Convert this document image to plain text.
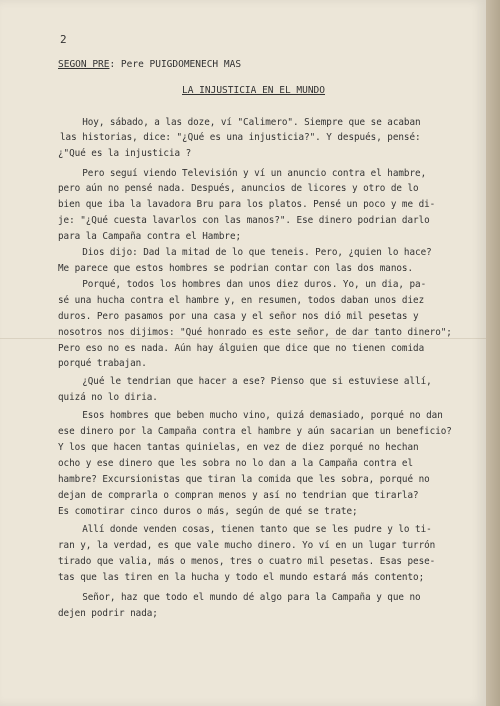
2
SEGON PRE: Pere PUIGDOMENECH MAS
LA INJUSTICIA EN EL MUNDO
Hoy, sábado, a las doze, ví "Calimero". Siempre que se acaban
las historias, dice: "¿Qué es una injusticia?". Y después, pensé:
¿"Qué es la injusticia ?
Pero seguí viendo Televisión y ví un anuncio contra el hambre,
pero aún no pensé nada. Después, anuncios de licores y otro de lo
bien que iba la lavadora Bru para los platos. Pensé un poco y me di-
je: "¿Qué cuesta lavarlos con las manos?". Ese dinero podrian darlo
para la Campaña contra el Hambre;
Dios dijo: Dad la mitad de lo que teneis. Pero, ¿quien lo hace?
Me parece que estos hombres se podrian contar con las dos manos.
Porqué, todos los hombres dan unos diez duros. Yo, un dia, pa-
sé una hucha contra el hambre y, en resumen, todos daban unos diez
duros. Pero pasamos por una casa y el señor nos dió mil pesetas y
nosotros nos dijimos: "Qué honrado es este señor, de dar tanto dinero";
Pero eso no es nada. Aún hay álguien que dice que no tienen comida
porqué trabajan.
¿Qué le tendrian que hacer a ese? Pienso que si estuviese allí,
quizá no lo diria.
Esos hombres que beben mucho vino, quizá demasiado, porqué no dan
ese dinero por la Campaña contra el hambre y aún sacarian un beneficio?
Y los que hacen tantas quinielas, en vez de diez porqué no hechan
ocho y ese dinero que les sobra no lo dan a la Campaña contra el
hambre? Excursionistas que tiran la comida que les sobra, porqué no
dejan de comprarla o compran menos y así no tendrian que tirarla?
Es comotirar cinco duros o más, según de qué se trate;
Allí donde venden cosas, tienen tanto que se les pudre y lo ti-
ran y, la verdad, es que vale mucho dinero. Yo ví en un lugar turrón
tirado que valia, más o menos, tres o cuatro mil pesetas. Esas pese-
tas que las tiren en la hucha y todo el mundo estará más contento;
Señor, haz que todo el mundo dé algo para la Campaña y que no
dejen podrir nada;
